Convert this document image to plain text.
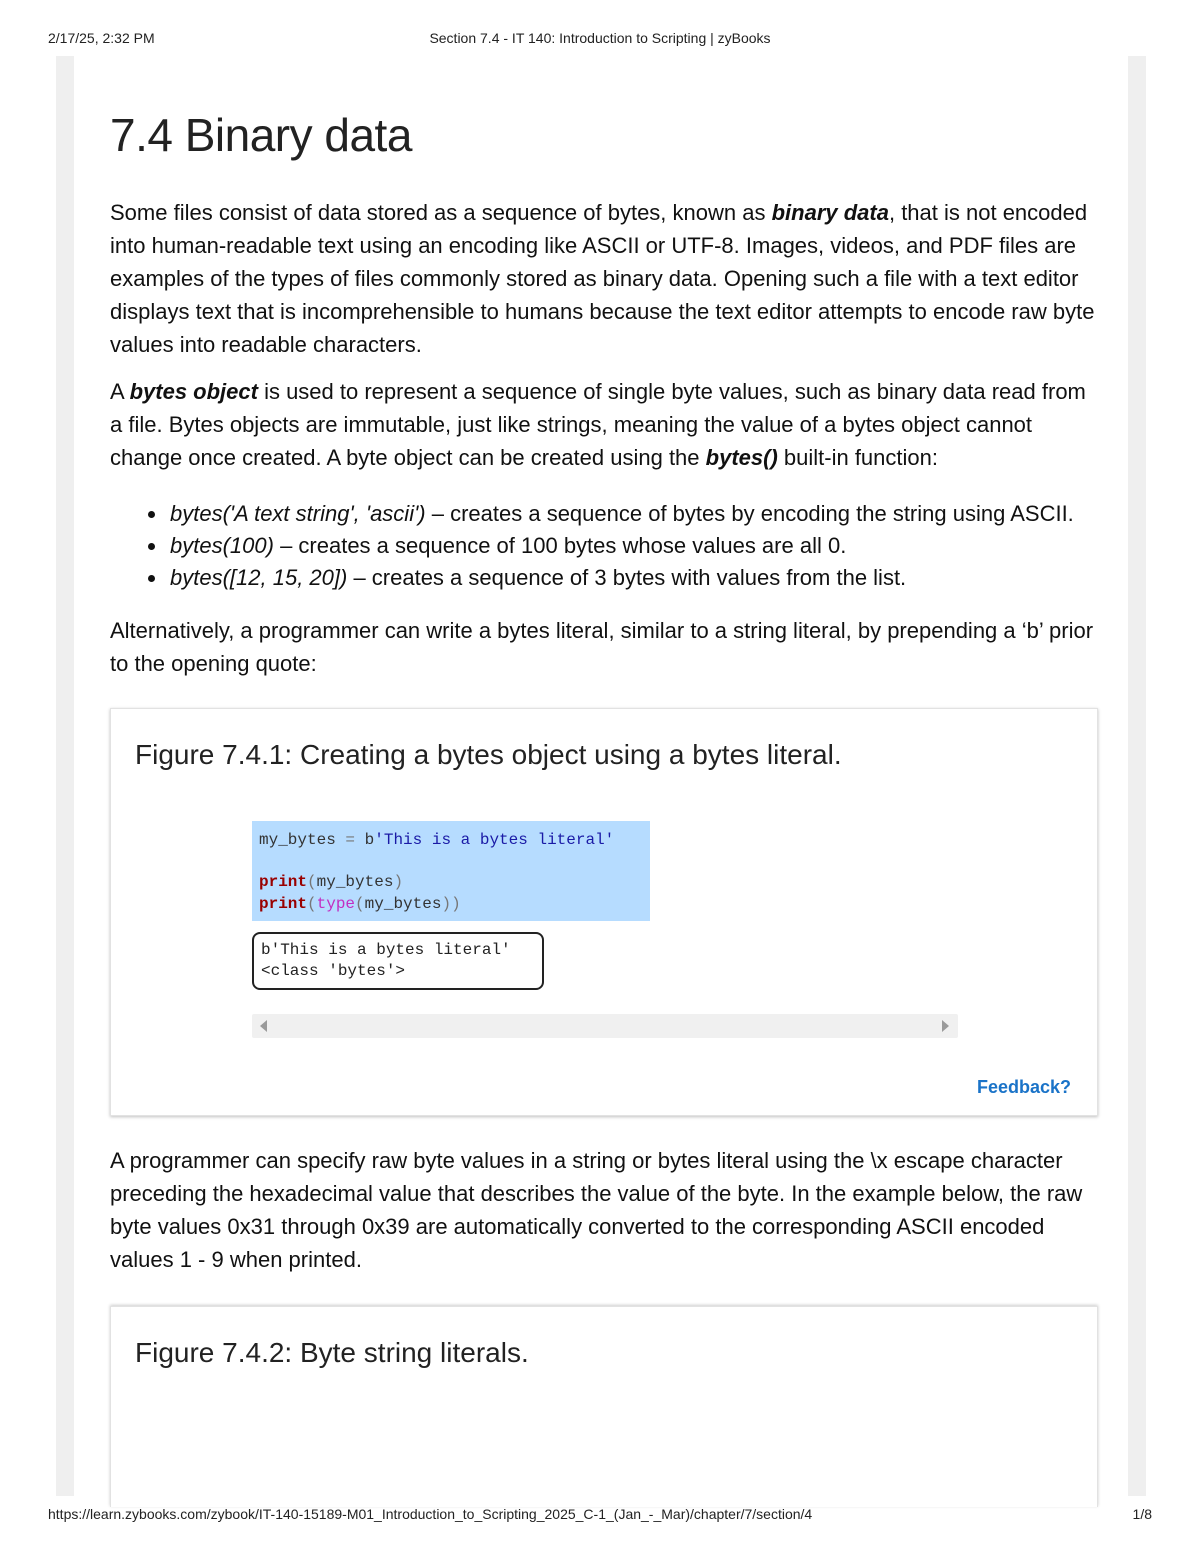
2/17/25, 2:32 PM	Section 7.4 - IT 140: Introduction to Scripting | zyBooks
7.4 Binary data

Some files consist of data stored as a sequence of bytes, known as binary data, that is not encoded into human-readable text using an encoding like ASCII or UTF-8. Images, videos, and PDF files are examples of the types of files commonly stored as binary data. Opening such a file with a text editor displays text that is incomprehensible to humans because the text editor attempts to encode raw byte values into readable characters.

A bytes object is used to represent a sequence of single byte values, such as binary data read from a file. Bytes objects are immutable, just like strings, meaning the value of a bytes object cannot change once created. A byte object can be created using the bytes() built-in function:

• bytes('A text string', 'ascii') – creates a sequence of bytes by encoding the string using ASCII.
• bytes(100) – creates a sequence of 100 bytes whose values are all 0.
• bytes([12, 15, 20]) – creates a sequence of 3 bytes with values from the list.

Alternatively, a programmer can write a bytes literal, similar to a string literal, by prepending a ‘b’ prior to the opening quote:

Figure 7.4.1: Creating a bytes object using a bytes literal.
my_bytes = b'This is a bytes literal'
print(my_bytes)
print(type(my_bytes))
b'This is a bytes literal'
<class 'bytes'>
Feedback?

A programmer can specify raw byte values in a string or bytes literal using the \x escape character preceding the hexadecimal value that describes the value of the byte. In the example below, the raw byte values 0x31 through 0x39 are automatically converted to the corresponding ASCII encoded values 1 - 9 when printed.

Figure 7.4.2: Byte string literals.
https://learn.zybooks.com/zybook/IT-140-15189-M01_Introduction_to_Scripting_2025_C-1_(Jan_-_Mar)/chapter/7/section/4	1/8
